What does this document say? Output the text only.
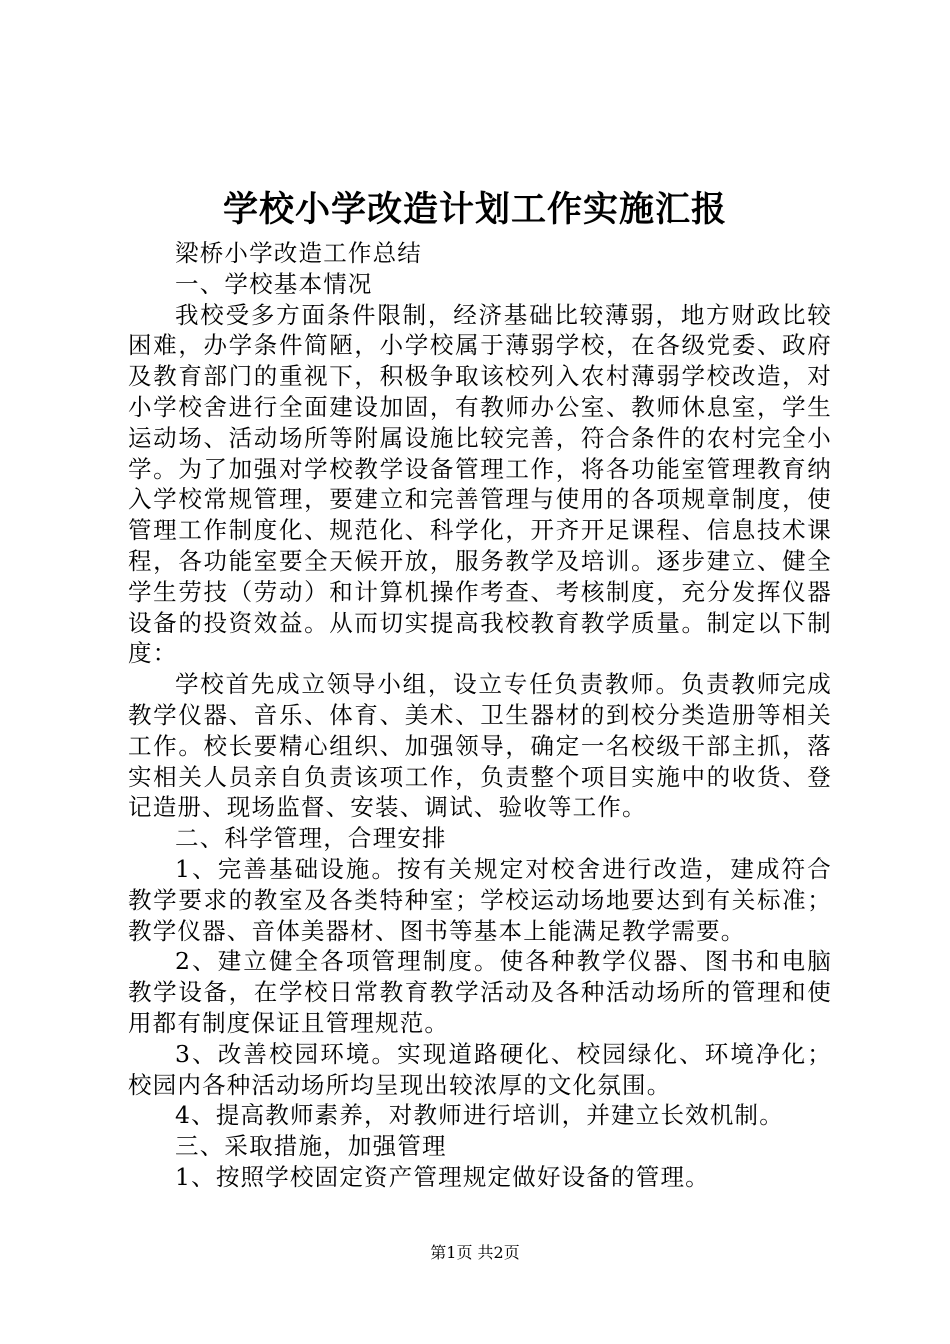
学校小学改造计划工作实施汇报

梁桥小学改造工作总结

一、学校基本情况

我校受多方面条件限制，经济基础比较薄弱，地方财政比较困难，办学条件简陋，小学校属于薄弱学校，在各级党委、政府及教育部门的重视下，积极争取该校列入农村薄弱学校改造，对小学校舍进行全面建设加固，有教师办公室、教师休息室，学生运动场、活动场所等附属设施比较完善，符合条件的农村完全小学。为了加强对学校教学设备管理工作，将各功能室管理教育纳入学校常规管理，要建立和完善管理与使用的各项规章制度，使管理工作制度化、规范化、科学化，开齐开足课程、信息技术课程，各功能室要全天候开放，服务教学及培训。逐步建立、健全学生劳技（劳动）和计算机操作考查、考核制度，充分发挥仪器设备的投资效益。从而切实提高我校教育教学质量。制定以下制度：

学校首先成立领导小组，设立专任负责教师。负责教师完成教学仪器、音乐、体育、美术、卫生器材的到校分类造册等相关工作。校长要精心组织、加强领导，确定一名校级干部主抓，落实相关人员亲自负责该项工作，负责整个项目实施中的收货、登记造册、现场监督、安装、调试、验收等工作。

二、科学管理，合理安排

1、完善基础设施。按有关规定对校舍进行改造，建成符合教学要求的教室及各类特种室；学校运动场地要达到有关标准；教学仪器、音体美器材、图书等基本上能满足教学需要。

2、建立健全各项管理制度。使各种教学仪器、图书和电脑教学设备，在学校日常教育教学活动及各种活动场所的管理和使用都有制度保证且管理规范。

3、改善校园环境。实现道路硬化、校园绿化、环境净化；校园内各种活动场所均呈现出较浓厚的文化氛围。

4、提高教师素养，对教师进行培训，并建立长效机制。

三、采取措施，加强管理

1、按照学校固定资产管理规定做好设备的管理。

第1页 共2页
